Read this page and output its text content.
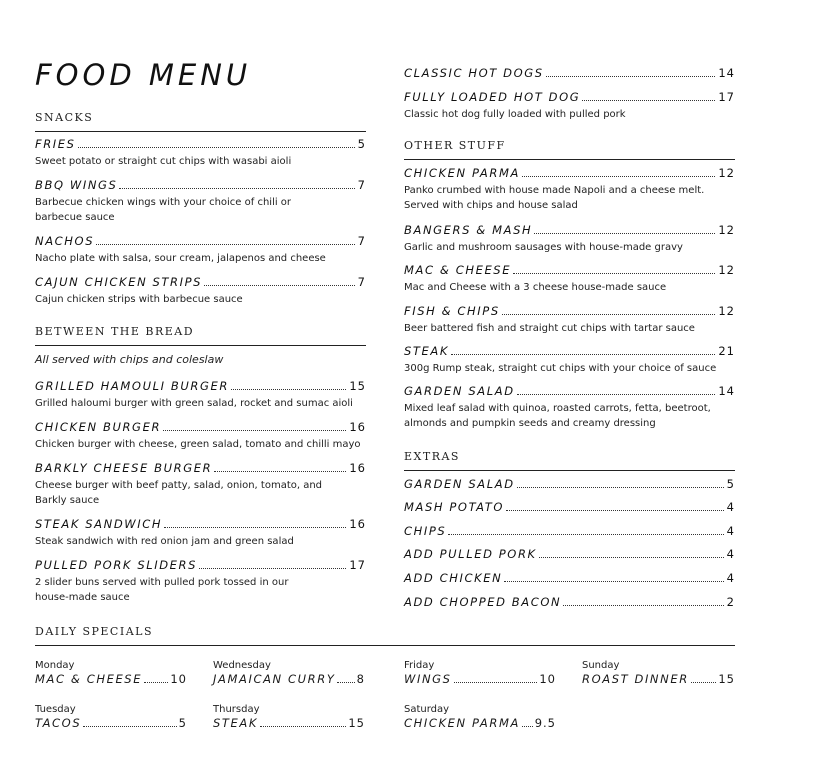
FOOD MENU
SNACKS
FRIES	5
Sweet potato or straight cut chips with wasabi aioli
BBQ WINGS	7
Barbecue chicken wings with your choice of chili or barbecue sauce
NACHOS	7
Nacho plate with salsa, sour cream, jalapenos and cheese
CAJUN CHICKEN STRIPS	7
Cajun chicken strips with barbecue sauce
BETWEEN THE BREAD
All served with chips and coleslaw
GRILLED HAMOULI BURGER	15
Grilled haloumi burger with green salad, rocket and sumac aioli
CHICKEN BURGER	16
Chicken burger with cheese, green salad, tomato and chilli mayo
BARKLY CHEESE BURGER	16
Cheese burger with beef patty, salad, onion, tomato, and Barkly sauce
STEAK SANDWICH	16
Steak sandwich with red onion jam and green salad
PULLED PORK SLIDERS	17
2 slider buns served with pulled pork tossed in our house-made sauce
CLASSIC HOT DOGS	14
FULLY LOADED HOT DOG	17
Classic hot dog fully loaded with pulled pork
OTHER STUFF
CHICKEN PARMA	12
Panko crumbed with house made Napoli and a cheese melt. Served with chips and house salad
BANGERS & MASH	12
Garlic and mushroom sausages with house-made gravy
MAC & CHEESE	12
Mac and Cheese with a 3 cheese house-made sauce
FISH & CHIPS	12
Beer battered fish and straight cut chips with tartar sauce
STEAK	21
300g Rump steak, straight cut chips with your choice of sauce
GARDEN SALAD	14
Mixed leaf salad with quinoa, roasted carrots, fetta, beetroot, almonds and pumpkin seeds and creamy dressing
EXTRAS
GARDEN SALAD	5
MASH POTATO	4
CHIPS	4
ADD PULLED PORK	4
ADD CHICKEN	4
ADD CHOPPED BACON	2
DAILY SPECIALS
Monday
MAC & CHEESE 10
Tuesday
TACOS	5
Wednesday
JAMAICAN CURRY 8
Thursday
STEAK	15
Friday
WINGS	10
Saturday
CHICKEN PARMA 9.5
Sunday
ROAST DINNER	15
